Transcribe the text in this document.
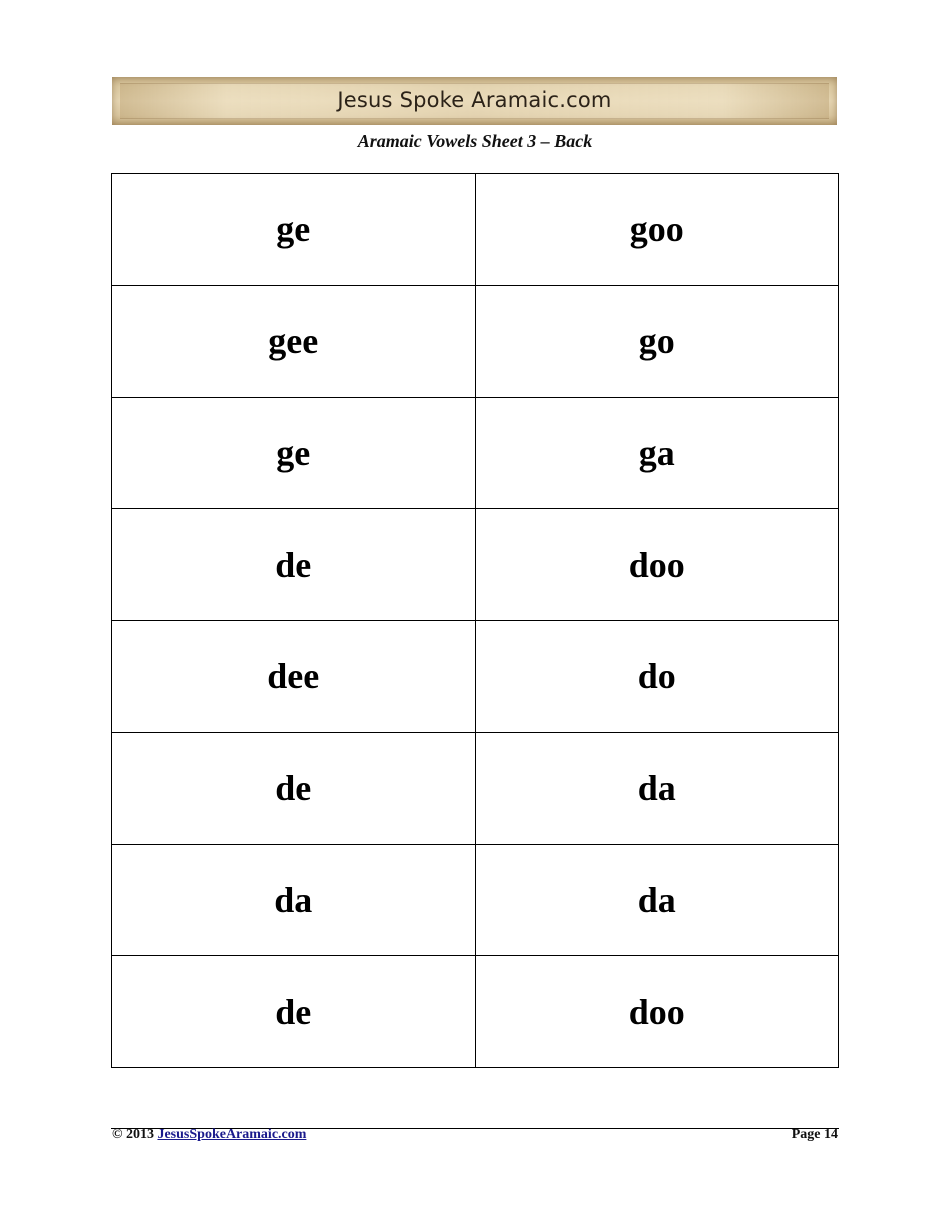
Jesus Spoke Aramaic.com
Aramaic Vowels Sheet 3 – Back
ge	goo
gee	go
ge	ga
de	doo
dee	do
de	da
da	da
de	doo
© 2013 JesusSpokeAramaic.com	Page 14
